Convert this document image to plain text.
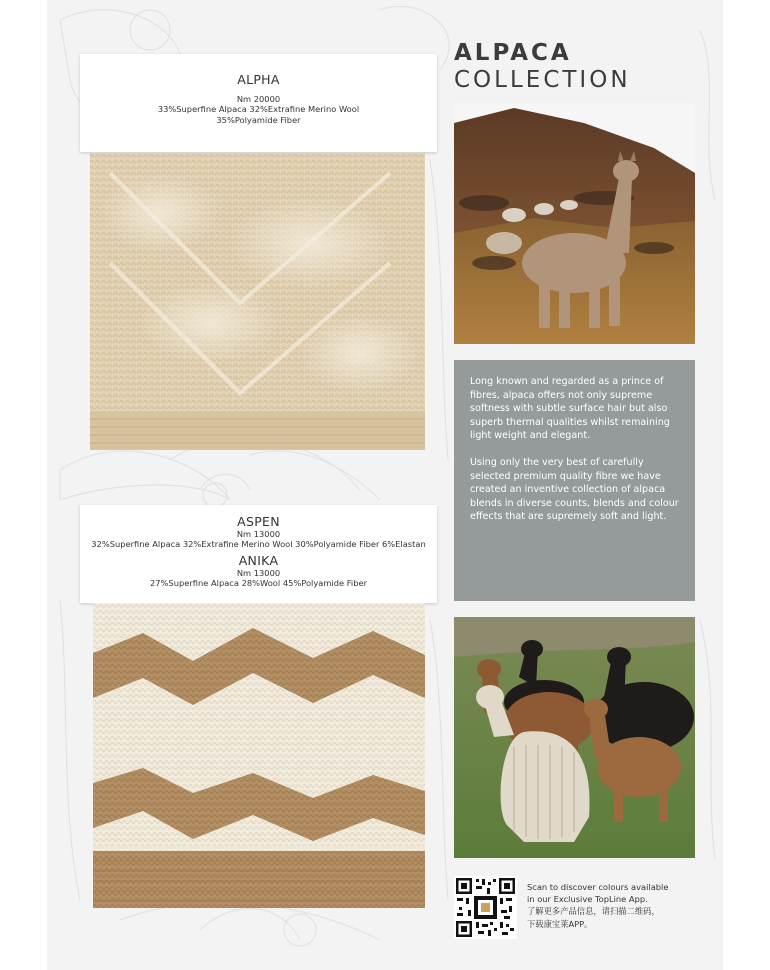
ALPHA
Nm 20000
33%Superfine Alpaca 32%Extrafine Merino Wool
35%Polyamide Fiber
ASPEN
Nm 13000
32%Superfine Alpaca 32%Extrafine Merino Wool 30%Polyamide Fiber 6%Elastan
ANIKA
Nm 13000
27%Superfine Alpaca 28%Wool 45%Polyamide Fiber
ALPACA
COLLECTION

Long known and regarded as a prince of fibres, alpaca offers not only supreme softness with subtle surface hair but also superb thermal qualities whilst remaining light weight and elegant.

Using only the very best of carefully selected premium quality fibre we have created an inventive collection of alpaca blends in diverse counts, blends and colour effects that are supremely soft and light.

Scan to discover colours available
in our Exclusive TopLine App.
了解更多产品信息，请扫描二维码，
下载康宝莱APP。
